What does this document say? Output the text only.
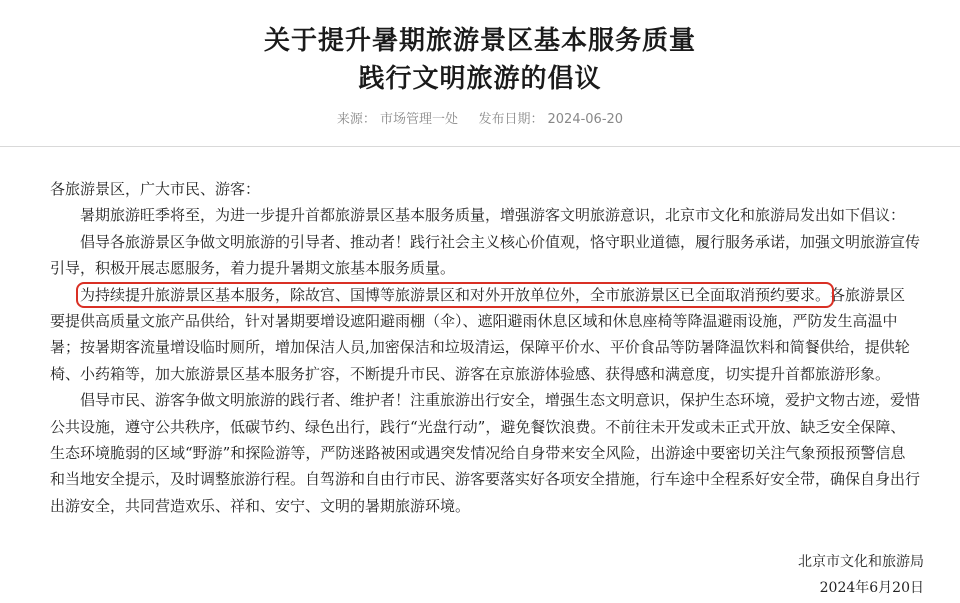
关于提升暑期旅游景区基本服务质量
践行文明旅游的倡议
来源： 市场管理一处 发布日期： 2024-06-20

各旅游景区，广大市民、游客：

暑期旅游旺季将至，为进一步提升首都旅游景区基本服务质量，增强游客文明旅游意识，北京市文化和旅游局发出如下倡议：

倡导各旅游景区争做文明旅游的引导者、推动者！践行社会主义核心价值观，恪守职业道德，履行服务承诺，加强文明旅游宣传引导，积极开展志愿服务，着力提升暑期文旅基本服务质量。

为持续提升旅游景区基本服务，除故宫、国博等旅游景区和对外开放单位外，全市旅游景区已全面取消预约要求。各旅游景区要提供高质量文旅产品供给，针对暑期要增设遮阳避雨棚（伞）、遮阳避雨休息区域和休息座椅等降温避雨设施，严防发生高温中暑；按暑期客流量增设临时厕所，增加保洁人员,加密保洁和垃圾清运，保障平价水、平价食品等防暑降温饮料和简餐供给，提供轮椅、小药箱等，加大旅游景区基本服务扩容，不断提升市民、游客在京旅游体验感、获得感和满意度，切实提升首都旅游形象。

倡导市民、游客争做文明旅游的践行者、维护者！注重旅游出行安全，增强生态文明意识，保护生态环境，爱护文物古迹，爱惜公共设施，遵守公共秩序，低碳节约、绿色出行，践行“光盘行动”，避免餐饮浪费。不前往未开发或未正式开放、缺乏安全保障、生态环境脆弱的区域“野游”和探险游等，严防迷路被困或遇突发情况给自身带来安全风险，出游途中要密切关注气象预报预警信息和当地安全提示，及时调整旅游行程。自驾游和自由行市民、游客要落实好各项安全措施，行车途中全程系好安全带，确保自身出行出游安全，共同营造欢乐、祥和、安宁、文明的暑期旅游环境。

北京市文化和旅游局
2024年6月20日
